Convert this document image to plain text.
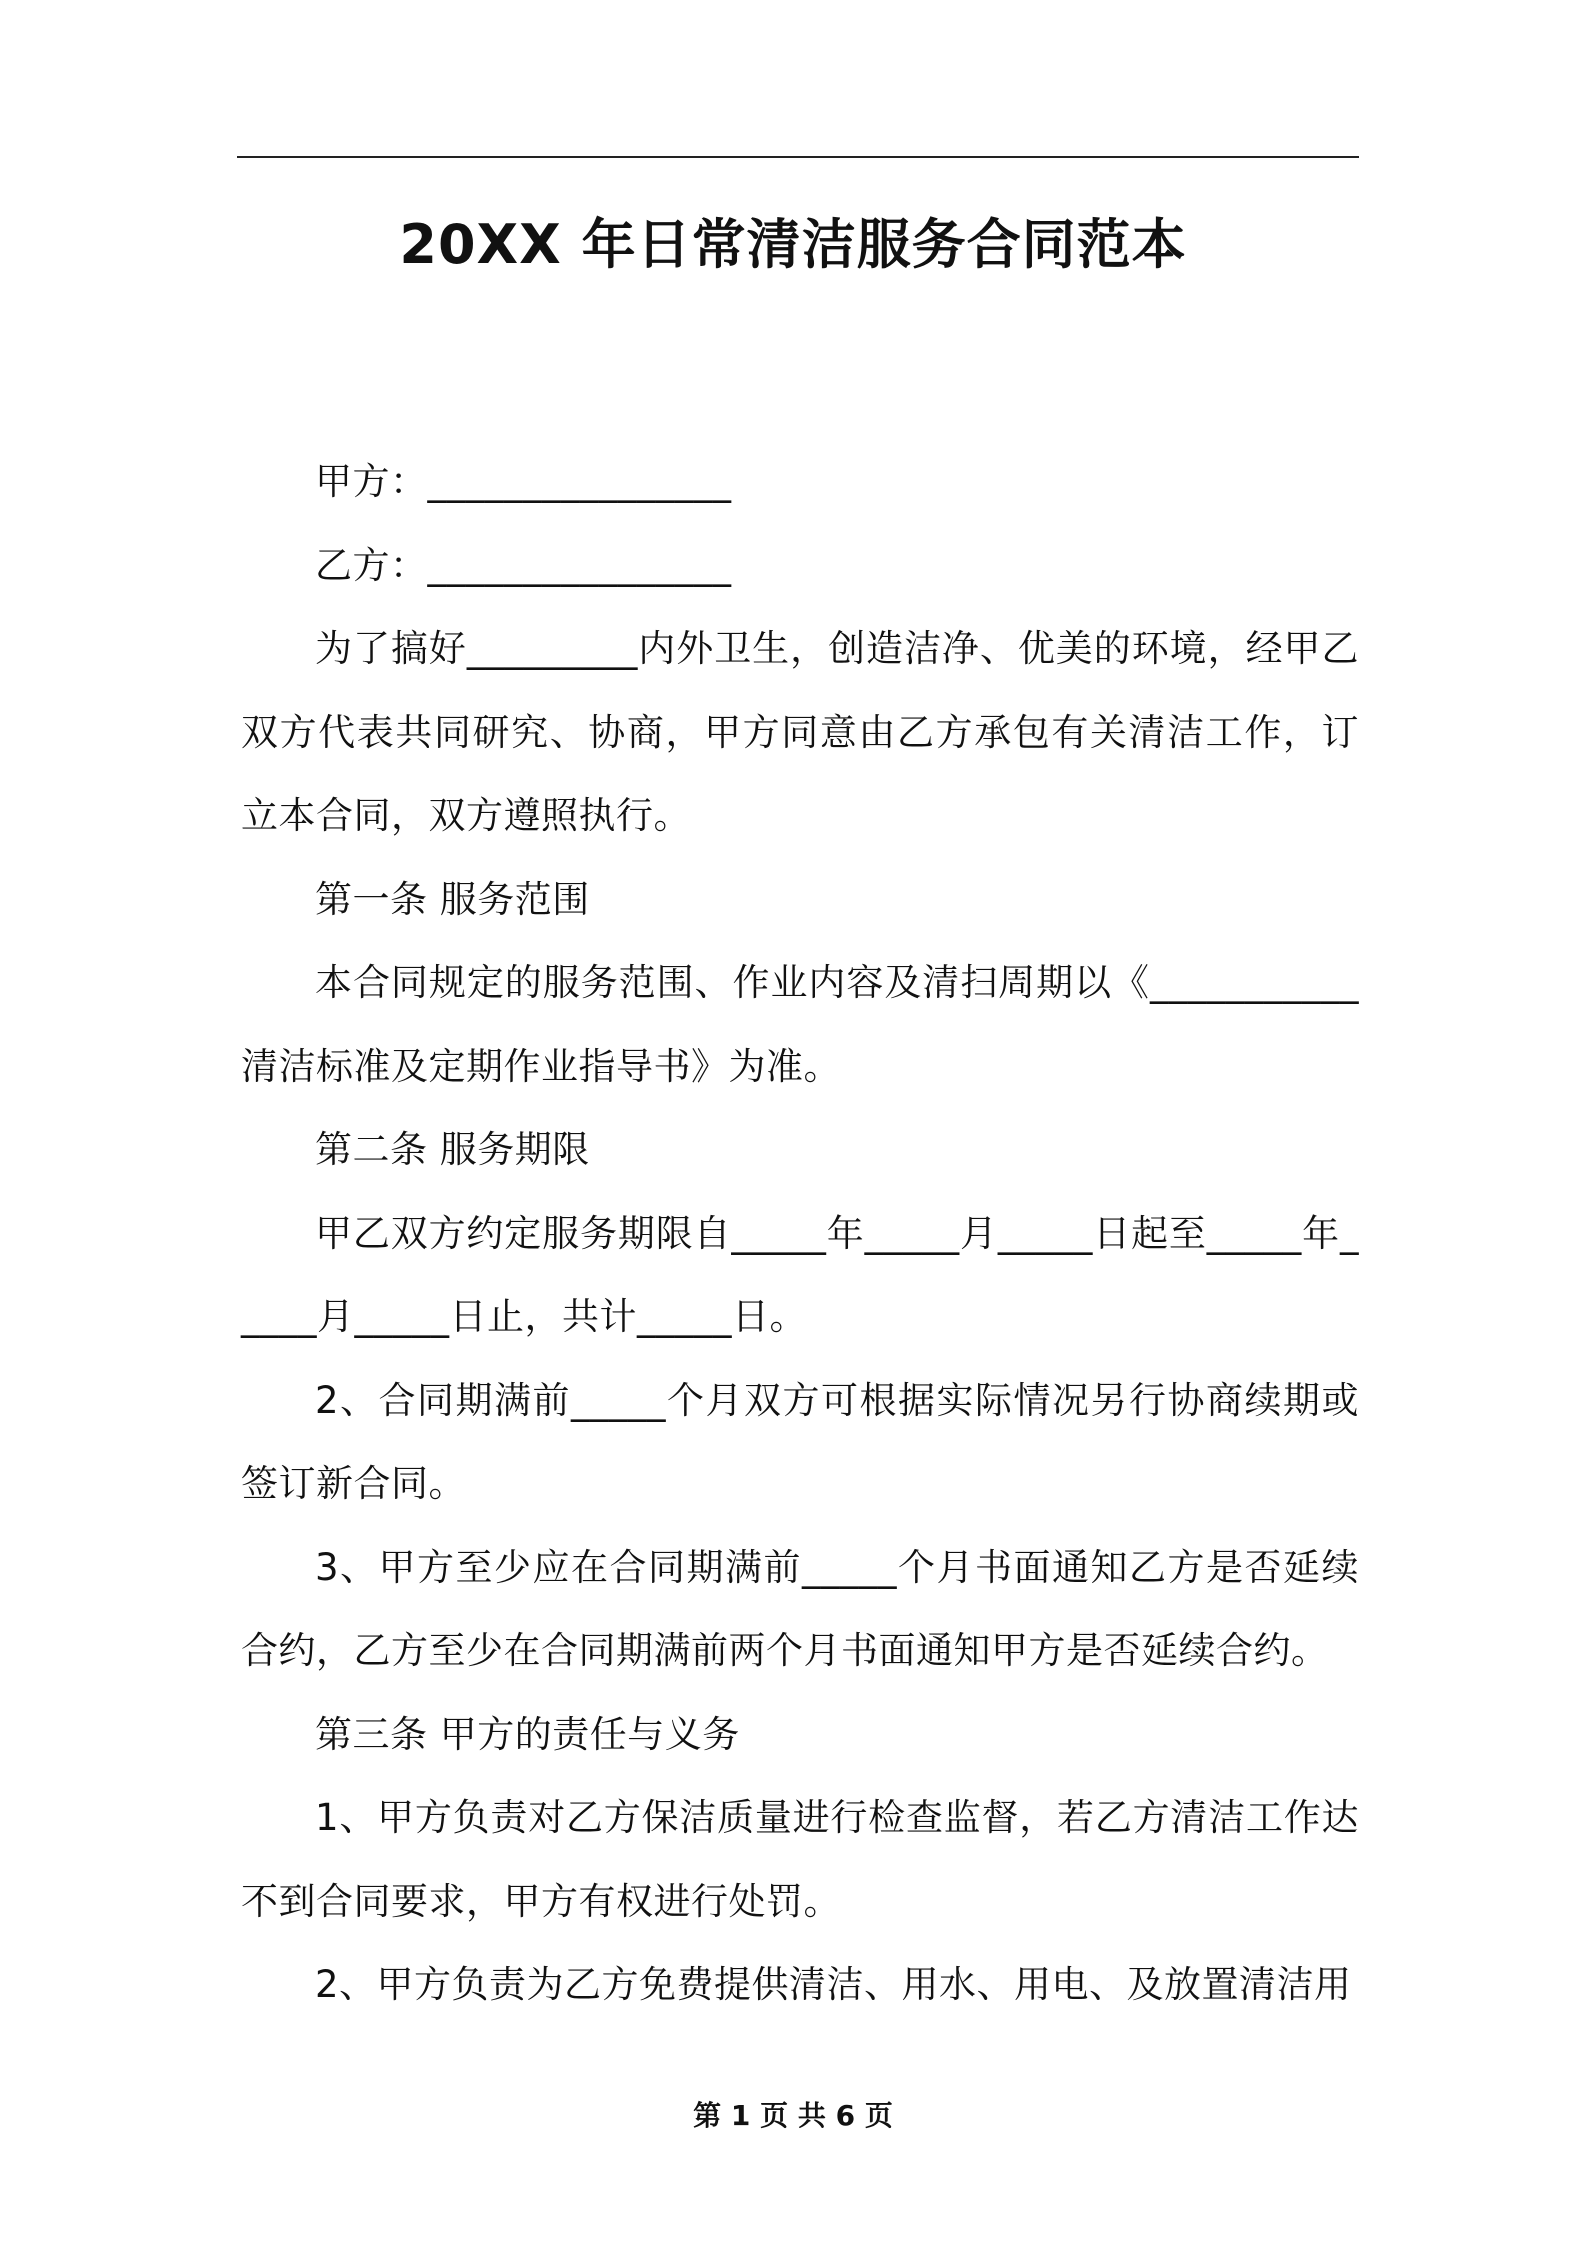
20XX 年日常清洁服务合同范本

甲方：________________

乙方：________________

为了搞好_________内外卫生，创造洁净、优美的环境，经甲乙双方代表共同研究、协商，甲方同意由乙方承包有关清洁工作，订立本合同，双方遵照执行。

第一条 服务范围

本合同规定的服务范围、作业内容及清扫周期以《___________清洁标准及定期作业指导书》为准。

第二条 服务期限

甲乙双方约定服务期限自_____年_____月_____日起至_____年_____月_____日止，共计_____日。

2、合同期满前_____个月双方可根据实际情况另行协商续期或签订新合同。

3、甲方至少应在合同期满前_____个月书面通知乙方是否延续合约，乙方至少在合同期满前两个月书面通知甲方是否延续合约。

第三条 甲方的责任与义务

1、甲方负责对乙方保洁质量进行检查监督，若乙方清洁工作达不到合同要求，甲方有权进行处罚。

2、甲方负责为乙方免费提供清洁、用水、用电、及放置清洁用

第 1 页 共 6 页
